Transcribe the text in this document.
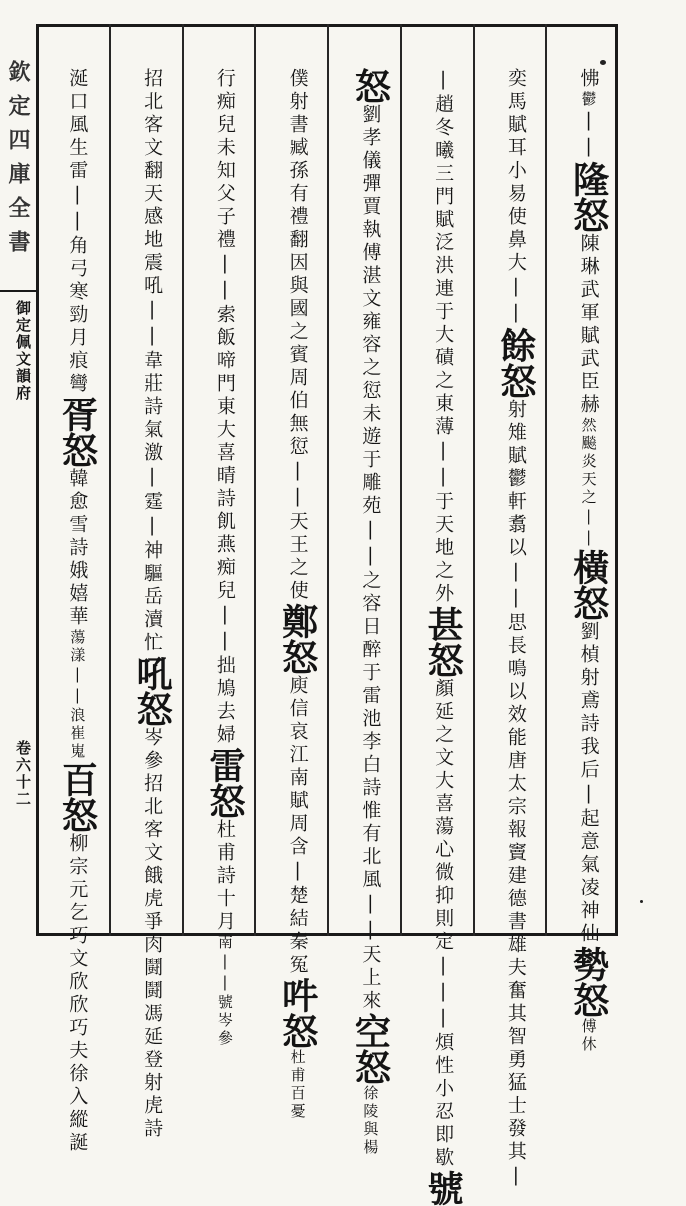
欽定四庫全書
御定佩文韻府
卷六十二
怫鬱||隆怒陳琳武軍賦武臣赫然飈炎天之||橫怒劉楨射鳶詩我后|起意氣凌神仙勢怒傅休
奕馬賦耳小易使鼻大||餘怒射雉賦鬱軒翥以||思長鳴以效能唐太宗報竇建德書雄夫奮其智勇猛士發其|
|趙冬曦三門賦泛洪連于大磧之東薄||于天地之外甚怒顏延之文大喜蕩心微抑則定|||煩性小忍即歇號
怒劉孝儀彈賈執傅湛文雍容之愆未遊于雕苑||之容日醉于雷池李白詩惟有北風||天上來空怒徐陵與楊
僕射書臧孫有禮翻因與國之賓周伯無愆||天王之使鄭怒庾信哀江南賦周含|楚結秦冤吽怒杜甫百憂
行痴兒未知父子禮||索飯啼門東大喜晴詩飢燕痴兒||拙鳩去婦雷怒杜甫詩十月南||號岑參
招北客文翻天感地震吼||韋莊詩氣激|霆|神驅岳瀆忙吼怒岑參招北客文餓虎爭肉鬪鬪馮延登射虎詩
涎口風生雷||角弓寒勁月痕彎胥怒韓愈雪詩娥嬉華蕩漾||浪崔嵬百怒柳宗元乞巧文欣欣巧夫徐入縱誕
